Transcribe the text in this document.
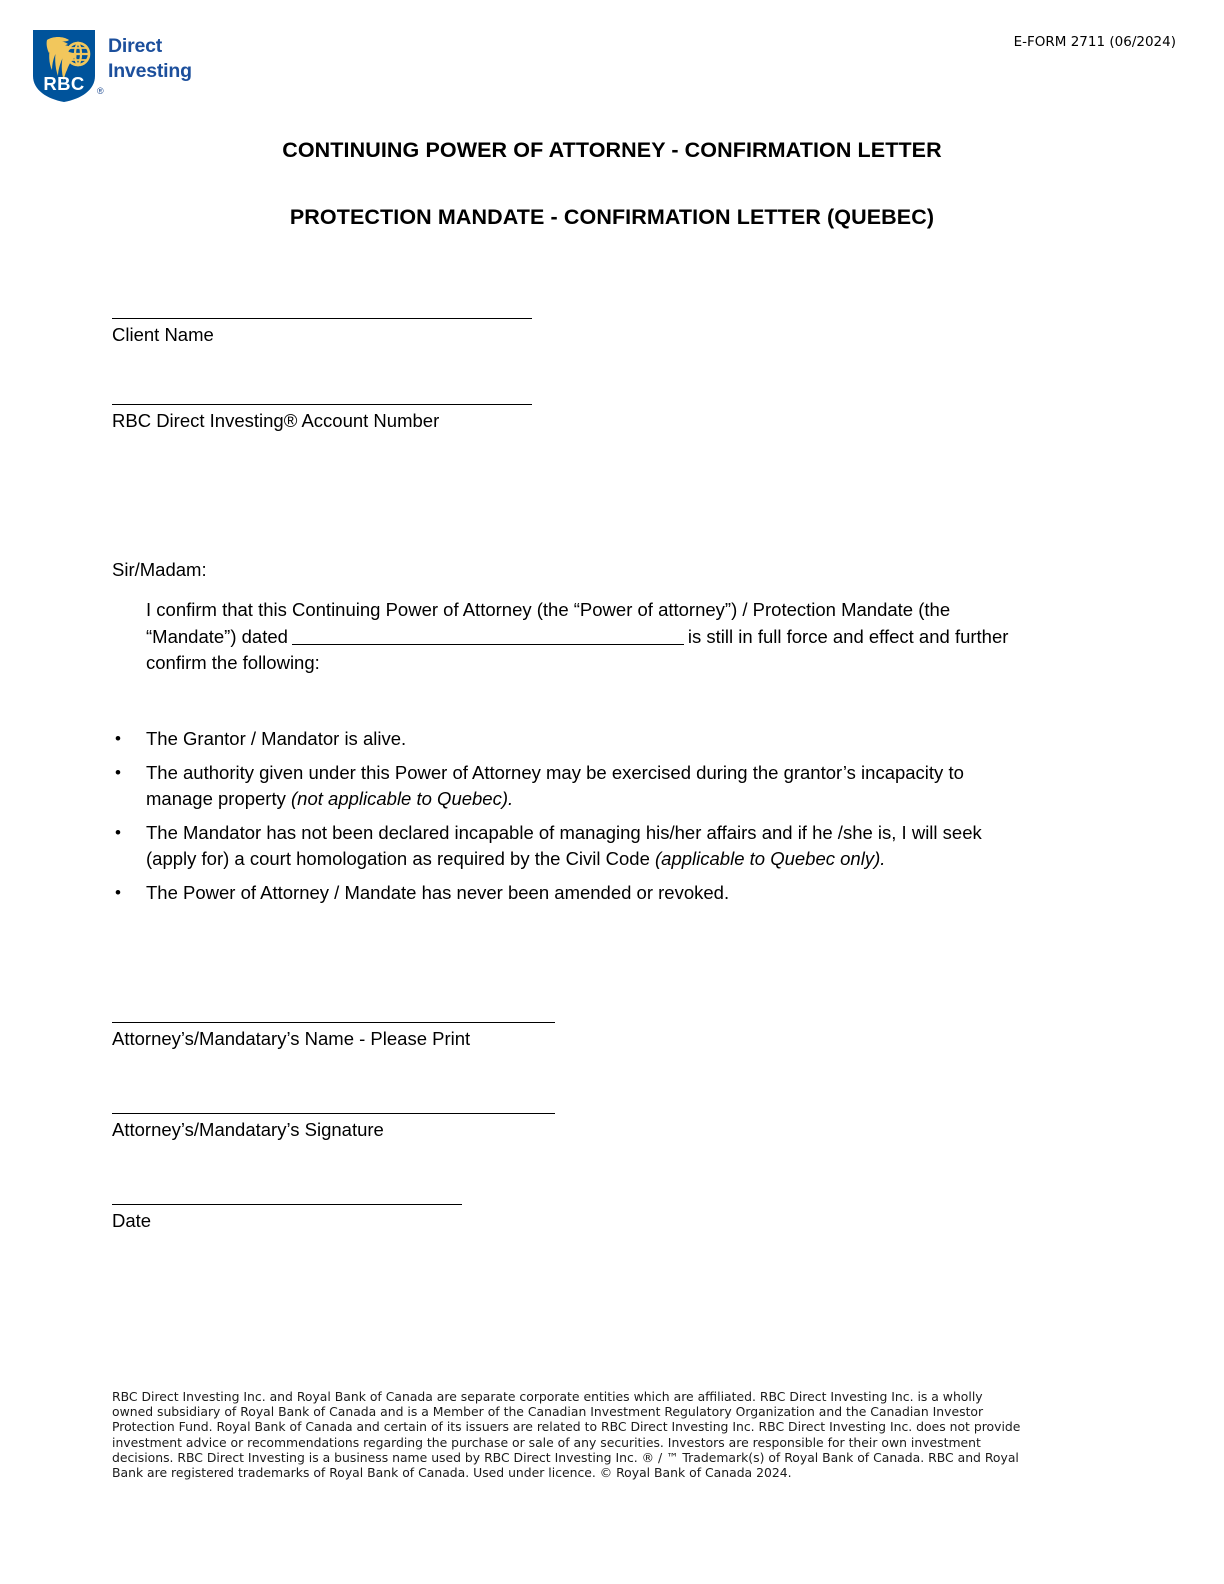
RBC ®
Direct
Investing
E-FORM 2711 (06/2024)
CONTINUING POWER OF ATTORNEY - CONFIRMATION LETTER
PROTECTION MANDATE - CONFIRMATION LETTER (QUEBEC)
Client Name
RBC Direct Investing® Account Number
Sir/Madam:
I confirm that this Continuing Power of Attorney (the “Power of attorney”) / Protection Mandate (the “Mandate”) dated	is still in full force and effect and further confirm the following:
•	The Grantor / Mandator is alive.
•	The authority given under this Power of Attorney may be exercised during the grantor’s incapacity to manage property (not applicable to Quebec).
•	The Mandator has not been declared incapable of managing his/her affairs and if he /she is, I will seek (apply for) a court homologation as required by the Civil Code (applicable to Quebec only).
•	The Power of Attorney / Mandate has never been amended or revoked.
Attorney’s/Mandatary’s Name - Please Print
Attorney’s/Mandatary’s Signature
Date
RBC Direct Investing Inc. and Royal Bank of Canada are separate corporate entities which are affiliated. RBC Direct Investing Inc. is a wholly owned subsidiary of Royal Bank of Canada and is a Member of the Canadian Investment Regulatory Organization and the Canadian Investor Protection Fund. Royal Bank of Canada and certain of its issuers are related to RBC Direct Investing Inc. RBC Direct Investing Inc. does not provide investment advice or recommendations regarding the purchase or sale of any securities. Investors are responsible for their own investment decisions. RBC Direct Investing is a business name used by RBC Direct Investing Inc. ® / ™ Trademark(s) of Royal Bank of Canada. RBC and Royal Bank are registered trademarks of Royal Bank of Canada. Used under licence. © Royal Bank of Canada 2024.
